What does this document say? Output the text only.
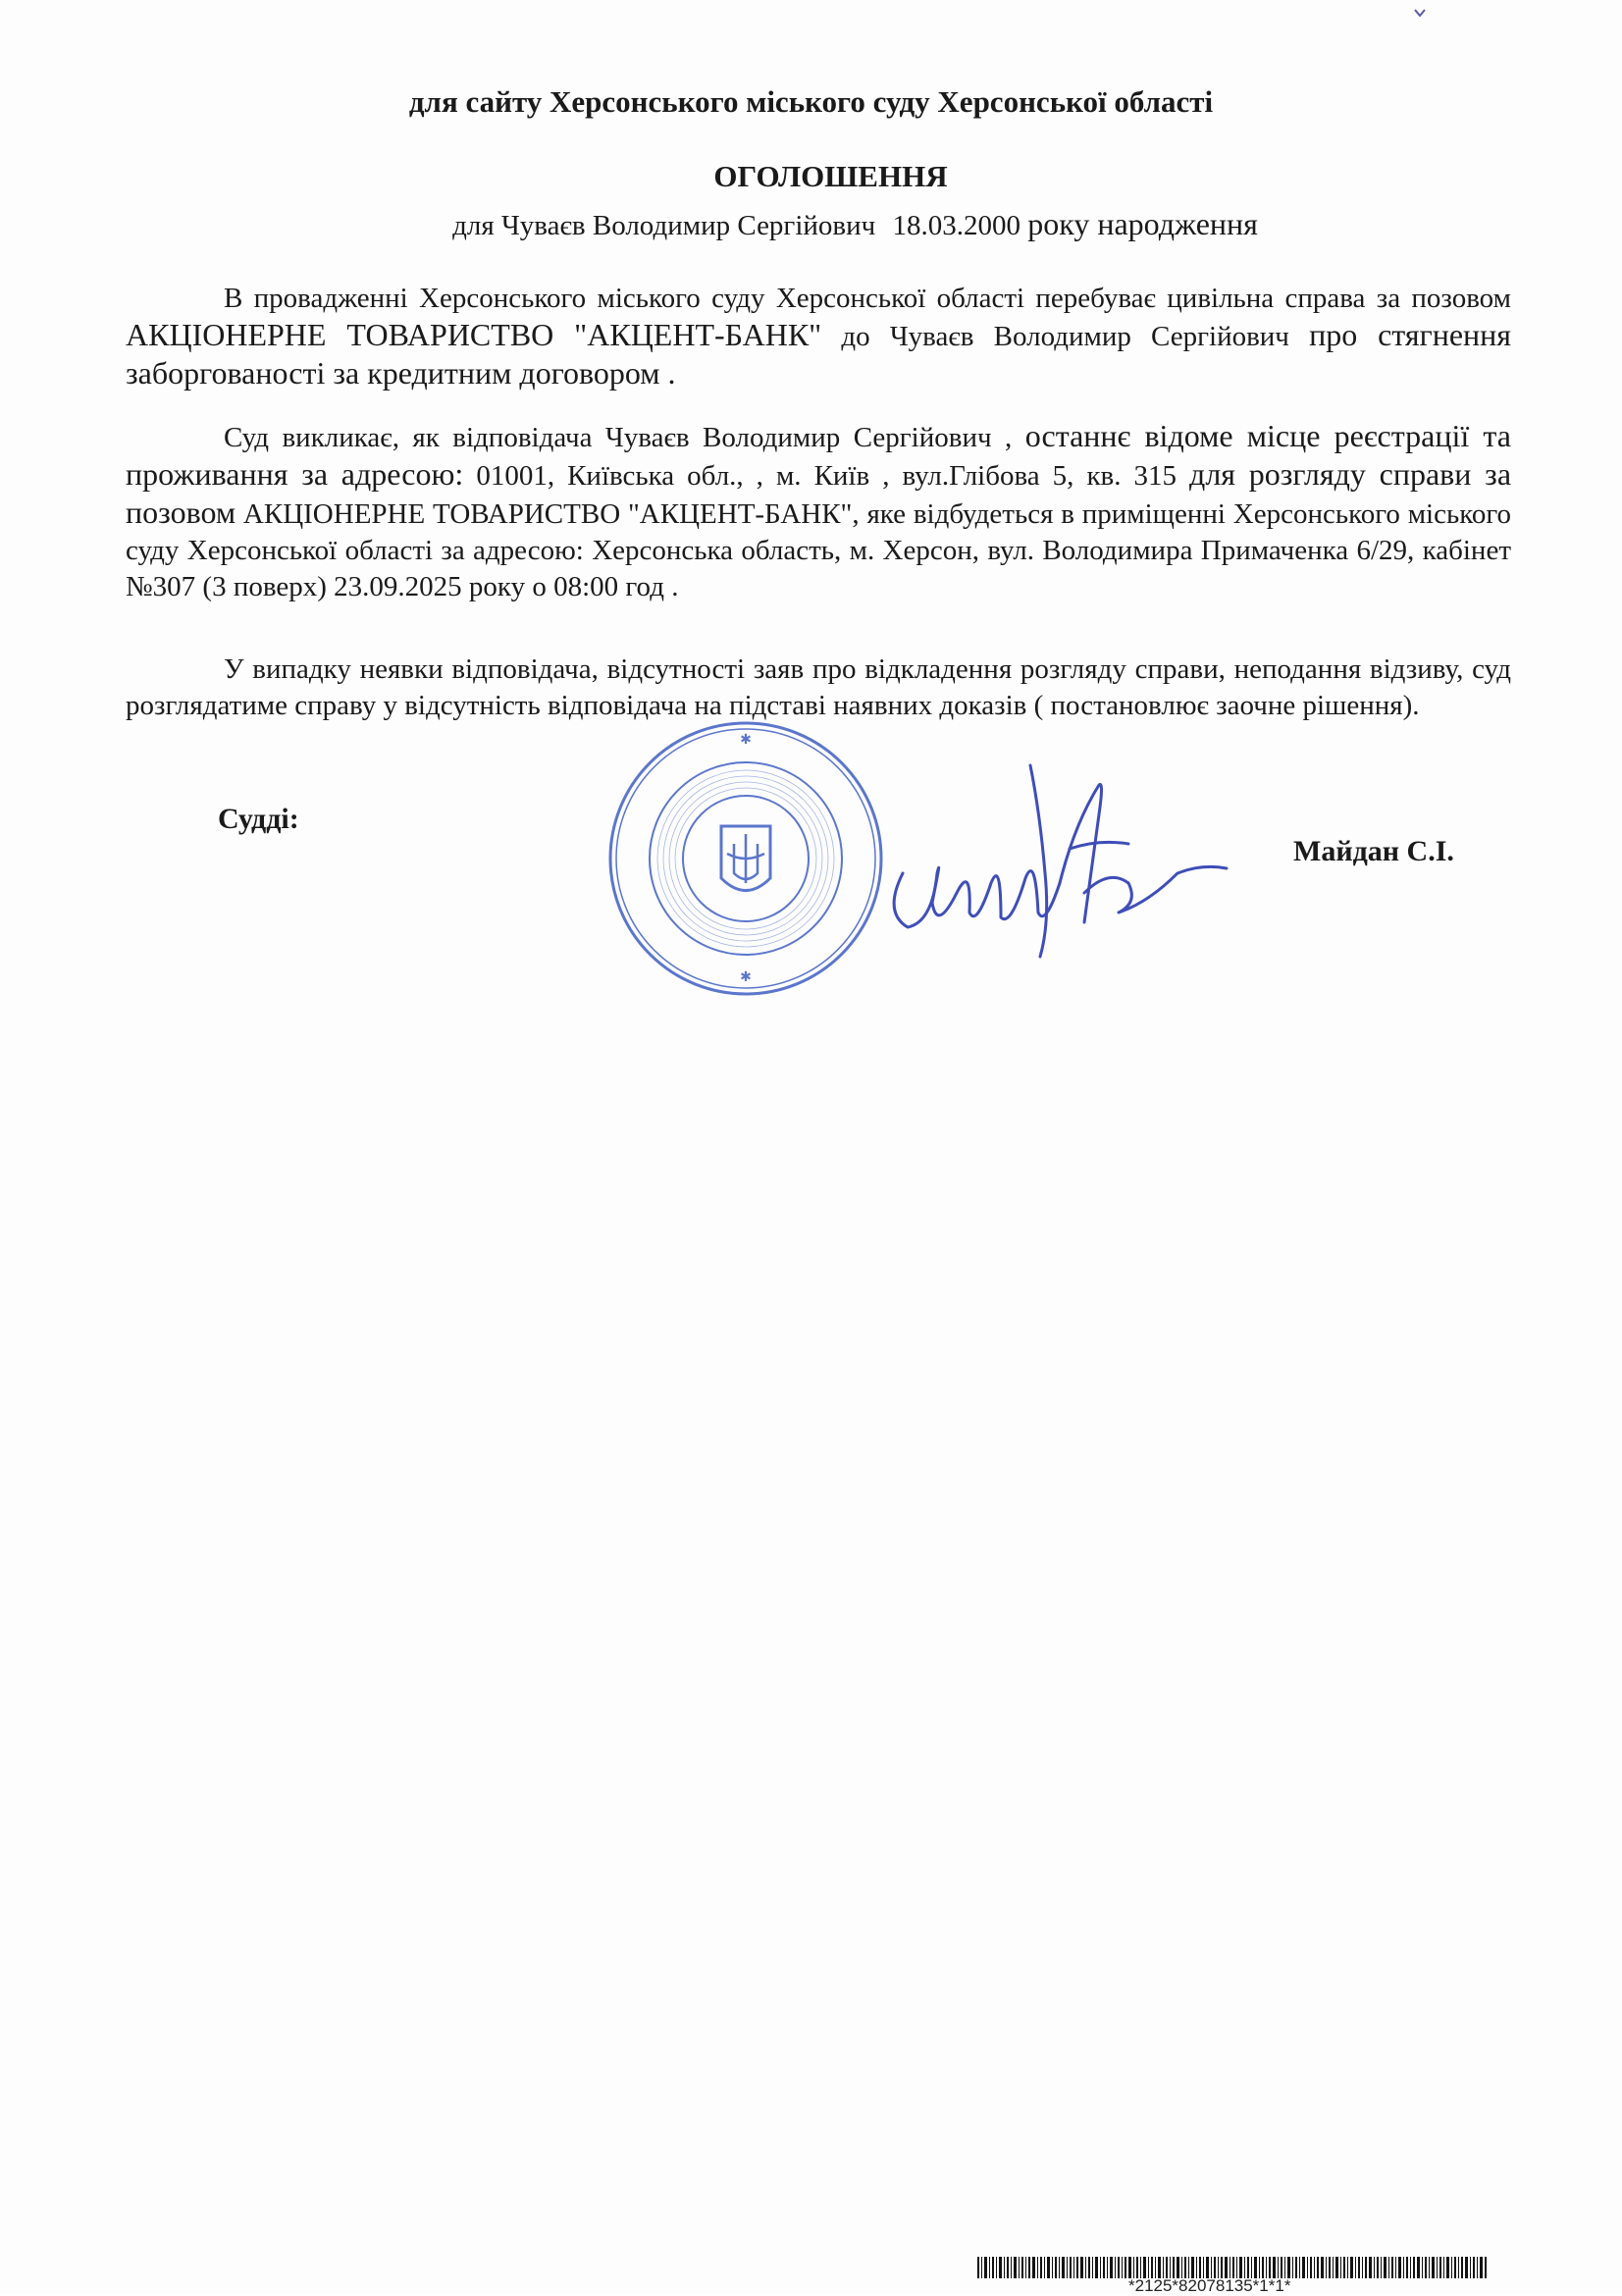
для сайту Херсонського міського суду Херсонської області
ОГОЛОШЕННЯ
для Чуваєв Володимир Сергійович 18.03.2000 року народження

В провадженні Херсонського міського суду Херсонської області перебуває цивільна справа за позовом АКЦІОНЕРНЕ ТОВАРИСТВО "АКЦЕНТ-БАНК" до Чуваєв Володимир Сергійович про стягнення заборгованості за кредитним договором .

Суд викликає, як відповідача Чуваєв Володимир Сергійович , останнє відоме місце реєстрації та проживання за адресою: 01001, Київська обл., , м. Київ , вул.Глібова 5, кв. 315 для розгляду справи за позовом АКЦІОНЕРНЕ ТОВАРИСТВО "АКЦЕНТ-БАНК", яке відбудеться в приміщенні Херсонського міського суду Херсонської області за адресою: Херсонська область, м. Херсон, вул. Володимира Примаченка 6/29, кабінет №307 (3 поверх) 23.09.2025 року о 08:00 год .

У випадку неявки відповідача, відсутності заяв про відкладення розгляду справи, неподання відзиву, суд розглядатиме справу у відсутність відповідача на підставі наявних доказів ( постановлює заочне рішення).

Судді:
✱
✱
Майдан С.І.
*2125*82078135*1*1*
